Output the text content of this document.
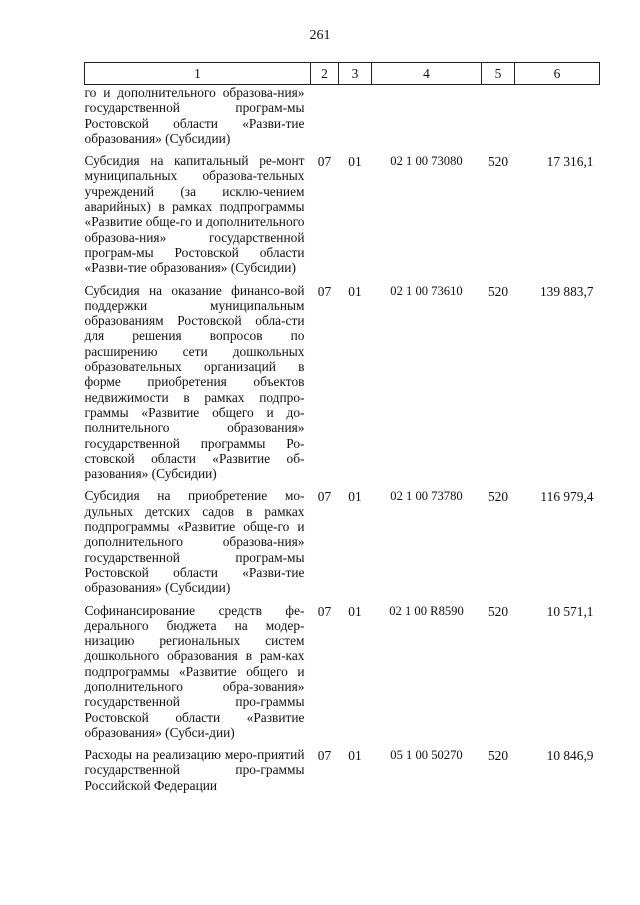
261
1	2	3	4	5	6
го и дополнительного образова-ния» государственной програм-мы Ростовской области «Разви-тие образования» (Субсидии)					
Субсидия на капитальный ре-монт муниципальных образова-тельных учреждений (за исклю-чением аварийных) в рамках подпрограммы «Развитие обще-го и дополнительного образова-ния» государственной програм-мы Ростовской области «Разви-тие образования» (Субсидии)	07	01	02 1 00 73080	520	17 316,1
Субсидия на оказание финансо-вой поддержки муниципальным образованиям Ростовской обла-сти для решения вопросов по расширению сети дошкольных образовательных организаций в форме приобретения объектов недвижимости в рамках подпро-граммы «Развитие общего и до-полнительного образования» государственной программы Ро-стовской области «Развитие об-разования» (Субсидии)	07	01	02 1 00 73610	520	139 883,7
Субсидия на приобретение мо-дульных детских садов в рамках подпрограммы «Развитие обще-го и дополнительного образова-ния» государственной програм-мы Ростовской области «Разви-тие образования» (Субсидии)	07	01	02 1 00 73780	520	116 979,4
Софинансирование средств фе-дерального бюджета на модер-низацию региональных систем дошкольного образования в рам-ках подпрограммы «Развитие общего и дополнительного обра-зования» государственной про-граммы Ростовской области «Развитие образования» (Субси-дии)	07	01	02 1 00 R8590	520	10 571,1
Расходы на реализацию меро-приятий государственной про-граммы Российской Федерации	07	01	05 1 00 50270	520	10 846,9
